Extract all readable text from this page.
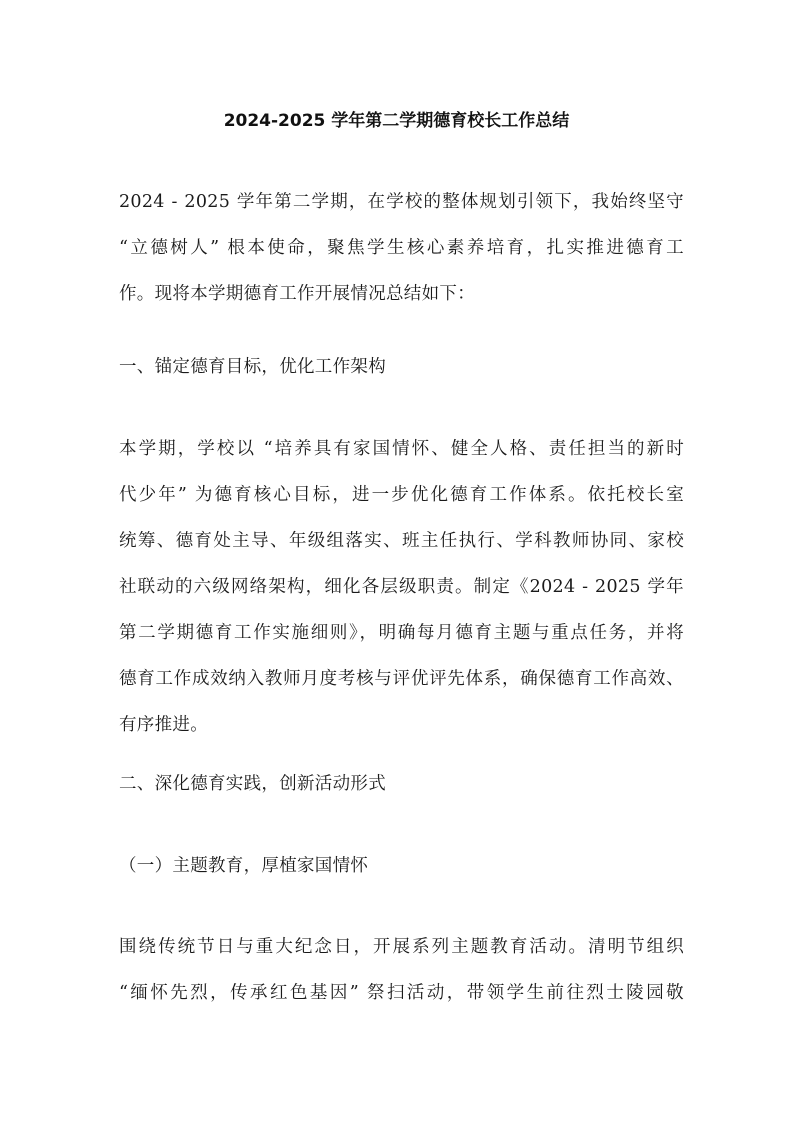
2024-2025 学年第二学期德育校长工作总结
2024 - 2025 学年第二学期，在学校的整体规划引领下，我始终坚守
“立德树人” 根本使命，聚焦学生核心素养培育，扎实推进德育工
作。现将本学期德育工作开展情况总结如下：
一、锚定德育目标，优化工作架构
本学期，学校以 “培养具有家国情怀、健全人格、责任担当的新时
代少年” 为德育核心目标，进一步优化德育工作体系。依托校长室
统筹、德育处主导、年级组落实、班主任执行、学科教师协同、家校
社联动的六级网络架构，细化各层级职责。制定《2024 - 2025 学年
第二学期德育工作实施细则》，明确每月德育主题与重点任务，并将
德育工作成效纳入教师月度考核与评优评先体系，确保德育工作高效、
有序推进。
二、深化德育实践，创新活动形式
（一）主题教育，厚植家国情怀
围绕传统节日与重大纪念日，开展系列主题教育活动。清明节组织
“缅怀先烈，传承红色基因” 祭扫活动，带领学生前往烈士陵园敬
